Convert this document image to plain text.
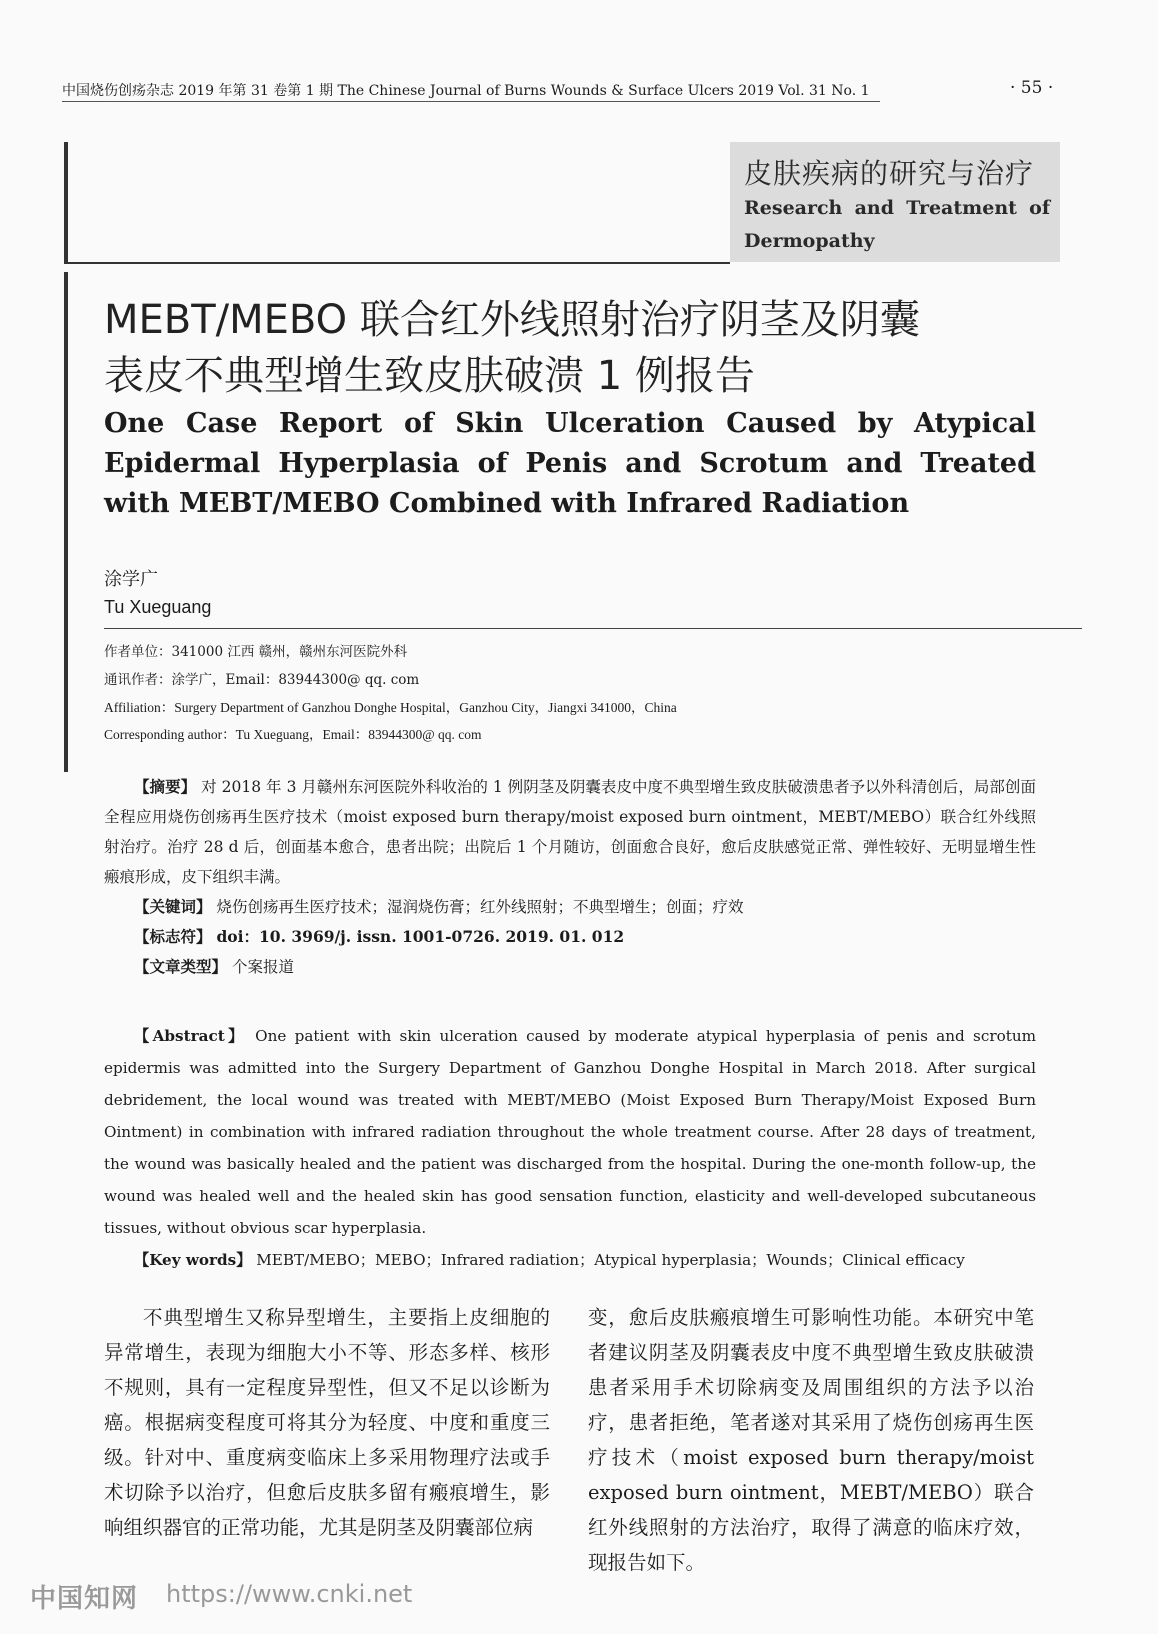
中国烧伤创疡杂志 2019 年第 31 卷第 1 期 The Chinese Journal of Burns Wounds & Surface Ulcers 2019 Vol. 31 No. 1	· 55 ·
皮肤疾病的研究与治疗
Research and Treatment of Dermopathy
MEBT/MEBO 联合红外线照射治疗阴茎及阴囊
表皮不典型增生致皮肤破溃 1 例报告
One Case Report of Skin Ulceration Caused by Atypical Epidermal Hyperplasia of Penis and Scrotum and Treated with MEBT/MEBO Combined with Infrared Radiation
涂学广
Tu Xueguang
作者单位：341000 江西 赣州，赣州东河医院外科
通讯作者：涂学广，Email：83944300@ qq. com
Affiliation：Surgery Department of Ganzhou Donghe Hospital，Ganzhou City，Jiangxi 341000，China
Corresponding author：Tu Xueguang，Email：83944300@ qq. com

【摘要】 对 2018 年 3 月赣州东河医院外科收治的 1 例阴茎及阴囊表皮中度不典型增生致皮肤破溃患者予以外科清创后，局部创面全程应用烧伤创疡再生医疗技术（moist exposed burn therapy/moist exposed burn ointment，MEBT/MEBO）联合红外线照射治疗。治疗 28 d 后，创面基本愈合，患者出院；出院后 1 个月随访，创面愈合良好，愈后皮肤感觉正常、弹性较好、无明显增生性瘢痕形成，皮下组织丰满。

【关键词】 烧伤创疡再生医疗技术；湿润烧伤膏；红外线照射；不典型增生；创面；疗效

【标志符】 doi：10. 3969/j. issn. 1001-0726. 2019. 01. 012

【文章类型】 个案报道

【Abstract】 One patient with skin ulceration caused by moderate atypical hyperplasia of penis and scrotum epidermis was admitted into the Surgery Department of Ganzhou Donghe Hospital in March 2018. After surgical debridement, the local wound was treated with MEBT/MEBO (Moist Exposed Burn Therapy/Moist Exposed Burn Ointment) in combination with infrared radiation throughout the whole treatment course. After 28 days of treatment, the wound was basically healed and the patient was discharged from the hospital. During the one-month follow-up, the wound was healed well and the healed skin has good sensation function, elasticity and well-developed subcutaneous tissues, without obvious scar hyperplasia.

【Key words】 MEBT/MEBO；MEBO；Infrared radiation；Atypical hyperplasia；Wounds；Clinical efficacy

不典型增生又称异型增生，主要指上皮细胞的异常增生，表现为细胞大小不等、形态多样、核形不规则，具有一定程度异型性，但又不足以诊断为癌。根据病变程度可将其分为轻度、中度和重度三级。针对中、重度病变临床上多采用物理疗法或手术切除予以治疗，但愈后皮肤多留有瘢痕增生，影响组织器官的正常功能，尤其是阴茎及阴囊部位病

变，愈后皮肤瘢痕增生可影响性功能。本研究中笔者建议阴茎及阴囊表皮中度不典型增生致皮肤破溃患者采用手术切除病变及周围组织的方法予以治疗，患者拒绝，笔者遂对其采用了烧伤创疡再生医疗技术（moist exposed burn therapy/moist exposed burn ointment，MEBT/MEBO）联合红外线照射的方法治疗，取得了满意的临床疗效，现报告如下。

中国知网 https://www.cnki.net
